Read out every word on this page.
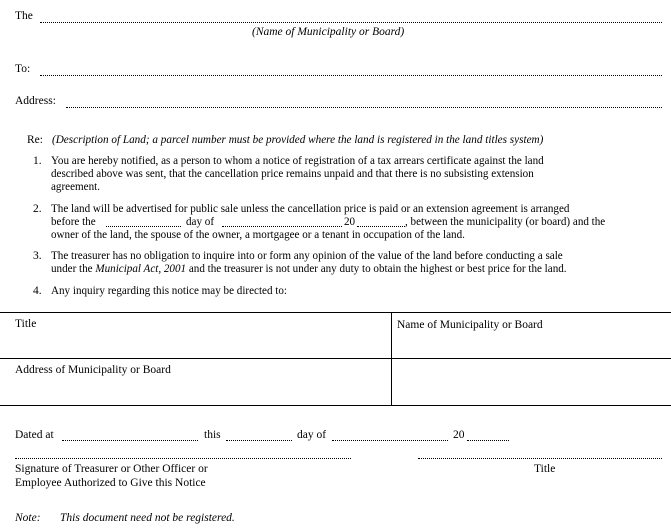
The
(Name of Municipality or Board)
To:
Address:
Re: (Description of Land; a parcel number must be provided where the land is registered in the land titles system)
1. You are hereby notified, as a person to whom a notice of registration of a tax arrears certificate against the land
described above was sent, that the cancellation price remains unpaid and that there is no subsisting extension
agreement.
2. The land will be advertised for public sale unless the cancellation price is paid or an extension agreement is arranged
before the	day of	20	, between the municipality (or board) and the
owner of the land, the spouse of the owner, a mortgagee or a tenant in occupation of the land.
3. The treasurer has no obligation to inquire into or form any opinion of the value of the land before conducting a sale
under the Municipal Act, 2001 and the treasurer is not under any duty to obtain the highest or best price for the land.
4. Any inquiry regarding this notice may be directed to:
Title	Name of Municipality or Board
Address of Municipality or Board
Dated at	this	day of	20
Signature of Treasurer or Other Officer or
Employee Authorized to Give this Notice
Title
Note: This document need not be registered.
